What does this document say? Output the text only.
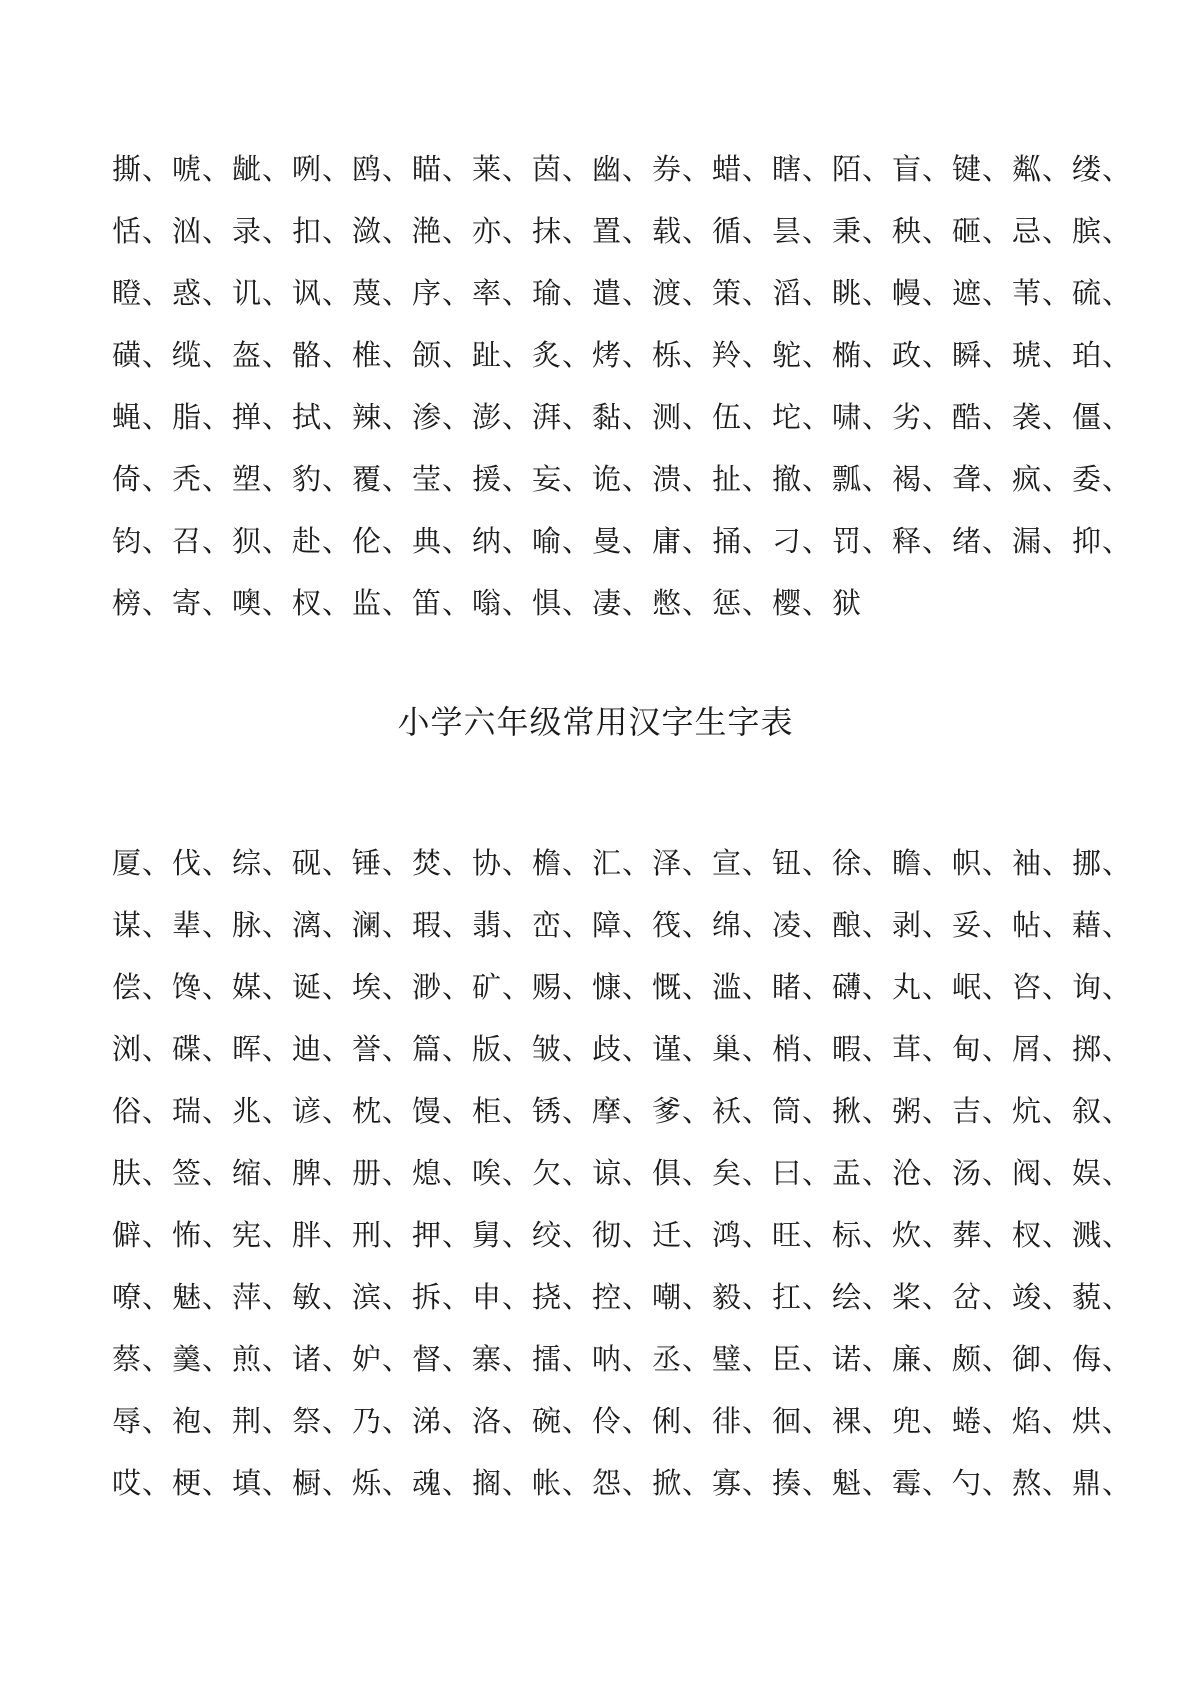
撕、唬、龇、咧、鸥、瞄、莱、茵、幽、券、蜡、瞎、陌、盲、键、粼、缕、
恬、汹、录、扣、潋、滟、亦、抹、置、载、循、昙、秉、秧、砸、忌、膑、
瞪、惑、讥、讽、蔑、序、率、瑜、遣、渡、策、滔、眺、幔、遮、苇、硫、
磺、缆、盔、骼、椎、颌、趾、炙、烤、栎、羚、鸵、椭、政、瞬、琥、珀、
蝇、脂、掸、拭、辣、渗、澎、湃、黏、测、伍、坨、啸、劣、酷、袭、僵、
倚、秃、塑、豹、覆、莹、援、妄、诡、溃、扯、撤、瓢、褐、聋、疯、委、
钧、召、狈、赴、伦、典、纳、喻、曼、庸、捅、刁、罚、释、绪、漏、抑、
榜、寄、噢、杈、监、笛、嗡、惧、凄、憋、惩、樱、狱
小学六年级常用汉字生字表
厦、伐、综、砚、锤、焚、协、檐、汇、泽、宣、钮、徐、瞻、帜、袖、挪、
谋、辈、脉、漓、澜、瑕、翡、峦、障、筏、绵、凌、酿、剥、妥、帖、藉、
偿、馋、媒、诞、埃、渺、矿、赐、慷、慨、滥、睹、礴、丸、岷、咨、询、
浏、碟、晖、迪、誉、篇、版、皱、歧、谨、巢、梢、暇、茸、甸、屑、掷、
俗、瑞、兆、谚、枕、馒、柜、锈、摩、爹、袄、筒、揪、粥、吉、炕、叙、
肤、签、缩、脾、册、熄、唉、欠、谅、俱、矣、曰、盂、沧、汤、阀、娱、
僻、怖、宪、胖、刑、押、舅、绞、彻、迁、鸿、旺、标、炊、葬、杈、溅、
嘹、魅、萍、敏、滨、拆、申、挠、控、嘲、毅、扛、绘、桨、岔、竣、藐、
蔡、羹、煎、诸、妒、督、寨、擂、呐、丞、璧、臣、诺、廉、颇、御、侮、
辱、袍、荆、祭、乃、涕、洛、碗、伶、俐、徘、徊、裸、兜、蜷、焰、烘、
哎、梗、填、橱、烁、魂、搁、帐、怨、掀、寡、揍、魁、霉、勺、熬、鼎、
